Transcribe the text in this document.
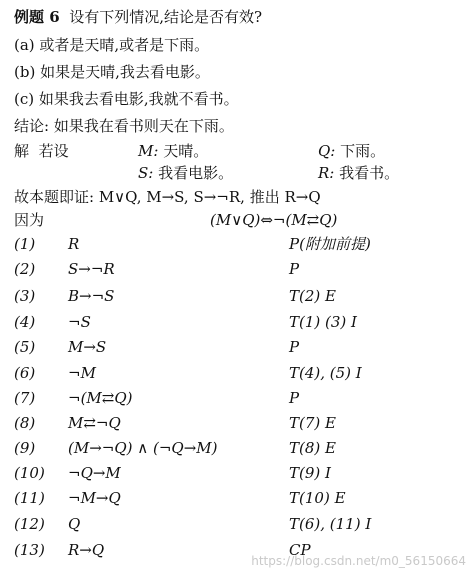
例题 6 设有下列情况,结论是否有效?
(a) 或者是天晴,或者是下雨。
(b) 如果是天晴,我去看电影。
(c) 如果我去看电影,我就不看书。
结论: 如果我在看书则天在下雨。
解 若设	M: 天晴。	Q: 下雨。
S: 我看电影。	R: 我看书。
故本题即证: M∨Q, M→S, S→¬R, 推出 R→Q
因为	(M∨Q)⇔¬(M⇄Q)
(1)	R	P(附加前提)
(2)	S→¬R	P
(3)	B→¬S	T(2) E
(4)	¬S	T(1) (3) I
(5)	M→S	P
(6)	¬M	T(4), (5) I
(7)	¬(M⇄Q)	P
(8)	M⇄¬Q	T(7) E
(9)	(M→¬Q) ∧ (¬Q→M)	T(8) E
(10)	¬Q→M	T(9) I
(11)	¬M→Q	T(10) E
(12)	Q	T(6), (11) I
(13)	R→Q	CP
https://blog.csdn.net/m0_56150664
